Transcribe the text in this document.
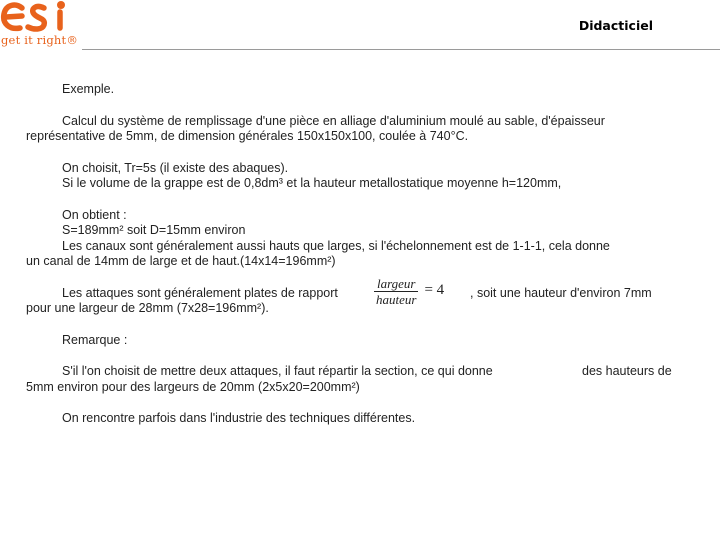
get it right®
Didacticiel

Exemple.

Calcul du système de remplissage d'une pièce en alliage d'aluminium moulé au sable, d'épaisseur

représentative de 5mm, de dimension générales 150x150x100, coulée à 740°C.

On choisit, Tr=5s (il existe des abaques).

Si le volume de la grappe est de 0,8dm³ et la hauteur metallostatique moyenne h=120mm,

On obtient :

S=189mm² soit D=15mm environ

Les canaux sont généralement aussi hauts que larges, si l'échelonnement est de 1-1-1, cela donne

un canal de 14mm de large et de haut.(14x14=196mm²)

Les attaques sont généralement plates de rapport	$\frac{\text{largeur}}{\text{hauteur}} = 4$ , soit une hauteur d'environ 7mm
pour une largeur de 28mm (7x28=196mm²).

Remarque :

S'il l'on choisit de mettre deux attaques, il faut répartir la section, ce qui donne	des hauteurs de
5mm environ pour des largeurs de 20mm (2x5x20=200mm²)

On rencontre parfois dans l'industrie des techniques différentes.
